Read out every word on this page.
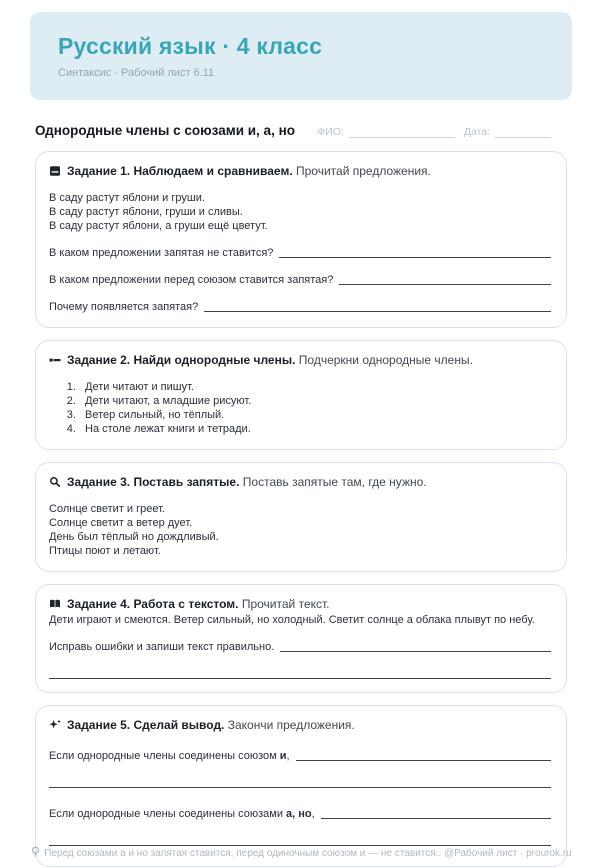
Русский язык · 4 класс
Синтаксис · Рабочий лист 6.11
Однородные члены с союзами и, а, но ФИО:	Дата:
Задание 1. Наблюдаем и сравниваем. Прочитай предложения.
В саду растут яблони и груши.
В саду растут яблони, груши и сливы.
В саду растут яблони, а груши ещё цветут.
В каком предложении запятая не ставится?
В каком предложении перед союзом ставится запятая?
Почему появляется запятая?
Задание 2. Найди однородные члены. Подчеркни однородные члены.
1. Дети читают и пишут.
2. Дети читают, а младшие рисуют.
3. Ветер сильный, но тёплый.
4. На столе лежат книги и тетради.
Задание 3. Поставь запятые. Поставь запятые там, где нужно.
Солнце светит и греет.
Солнце светит а ветер дует.
День был тёплый но дождливый.
Птицы поют и летают.
Задание 4. Работа с текстом. Прочитай текст.
Дети играют и смеются. Ветер сильный, но холодный. Светит солнце а облака плывут по небу.
Исправь ошибки и запиши текст правильно.
Задание 5. Сделай вывод. Закончи предложения.
Если однородные члены соединены союзом
и ,
Если однородные члены соединены союзами
а, но ,
Перед союзами а и но запятая ставится, перед одиночным союзом и — не ставится.. @Рабочий лист · prourok.ru
